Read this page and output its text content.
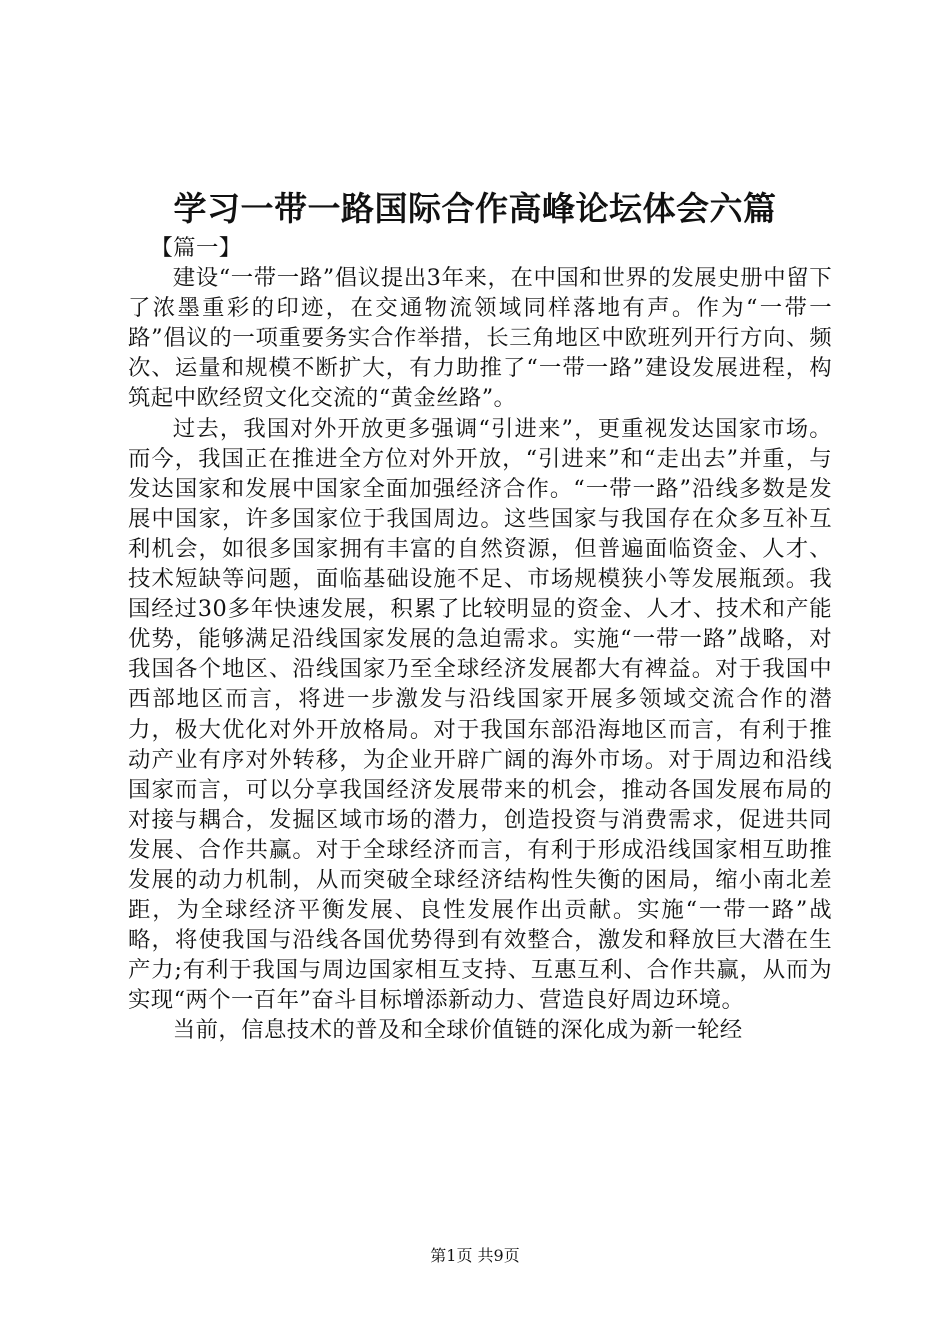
学习一带一路国际合作高峰论坛体会六篇

【篇一】

建设“一带一路”倡议提出3年来，在中国和世界的发展史册中留下了浓墨重彩的印迹，在交通物流领域同样落地有声。作为“一带一路”倡议的一项重要务实合作举措，长三角地区中欧班列开行方向、频次、运量和规模不断扩大，有力助推了“一带一路”建设发展进程，构筑起中欧经贸文化交流的“黄金丝路”。

过去，我国对外开放更多强调“引进来”，更重视发达国家市场。而今，我国正在推进全方位对外开放，“引进来”和“走出去”并重，与发达国家和发展中国家全面加强经济合作。“一带一路”沿线多数是发展中国家，许多国家位于我国周边。这些国家与我国存在众多互补互利机会，如很多国家拥有丰富的自然资源，但普遍面临资金、人才、技术短缺等问题，面临基础设施不足、市场规模狭小等发展瓶颈。我国经过30多年快速发展，积累了比较明显的资金、人才、技术和产能优势，能够满足沿线国家发展的急迫需求。实施“一带一路”战略，对我国各个地区、沿线国家乃至全球经济发展都大有裨益。对于我国中西部地区而言，将进一步激发与沿线国家开展多领域交流合作的潜力，极大优化对外开放格局。对于我国东部沿海地区而言，有利于推动产业有序对外转移，为企业开辟广阔的海外市场。对于周边和沿线国家而言，可以分享我国经济发展带来的机会，推动各国发展布局的对接与耦合，发掘区域市场的潜力，创造投资与消费需求，促进共同发展、合作共赢。对于全球经济而言，有利于形成沿线国家相互助推发展的动力机制，从而突破全球经济结构性失衡的困局，缩小南北差距，为全球经济平衡发展、良性发展作出贡献。实施“一带一路”战略，将使我国与沿线各国优势得到有效整合，激发和释放巨大潜在生产力;有利于我国与周边国家相互支持、互惠互利、合作共赢，从而为实现“两个一百年”奋斗目标增添新动力、营造良好周边环境。

当前，信息技术的普及和全球价值链的深化成为新一轮经

第1页 共9页
